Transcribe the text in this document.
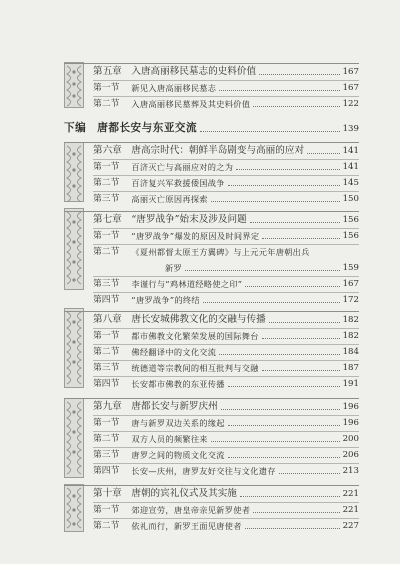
第五章　入唐高丽移民墓志的史料价值	167
第一节 新见入唐高丽移民墓志	167
第二节 入唐高丽移民墓葬及其史料价值	122
下编　唐都长安与东亚交流	139
第六章　唐高宗时代：朝鲜半岛剧变与高丽的应对	141
第一节 百济灭亡与高丽应对的之为	141
第二节 百济复兴军救援倭国战争	145
第三节 高丽灭亡原因再探索	150
第七章　“唐罗战争”始末及涉及问题	156
第一节 “唐罗战争”爆发的原因及时间界定	156
第二节 《夏州都督太原王方翼碑》与上元元年唐朝出兵
新罗	159
第三节 李谨行与“鸡林道经略使之印”	167
第四节 “唐罗战争”的终结	172
第八章　唐长安城佛教文化的交融与传播	182
第一节 都市佛教文化繁荣发展的国际舞台	182
第二节 佛经翻译中的文化交流	184
第三节 统德道等宗教间的相互批判与交融	187
第四节 长安都市佛教的东亚传播	191
第九章　唐都长安与新罗庆州	196
第一节 唐与新罗双边关系的缘起	196
第二节 双方人员的频繁往来	200
第三节 唐罗之间的物质文化交流	206
第四节 长安—庆州，唐罗友好交往与文化遗存	213
第十章　唐朝的宾礼仪式及其实施	221
第一节 郊迎宣劳，唐皇帝亲见新罗使者	221
第二节 依礼而行，新罗王面见唐使者	227
